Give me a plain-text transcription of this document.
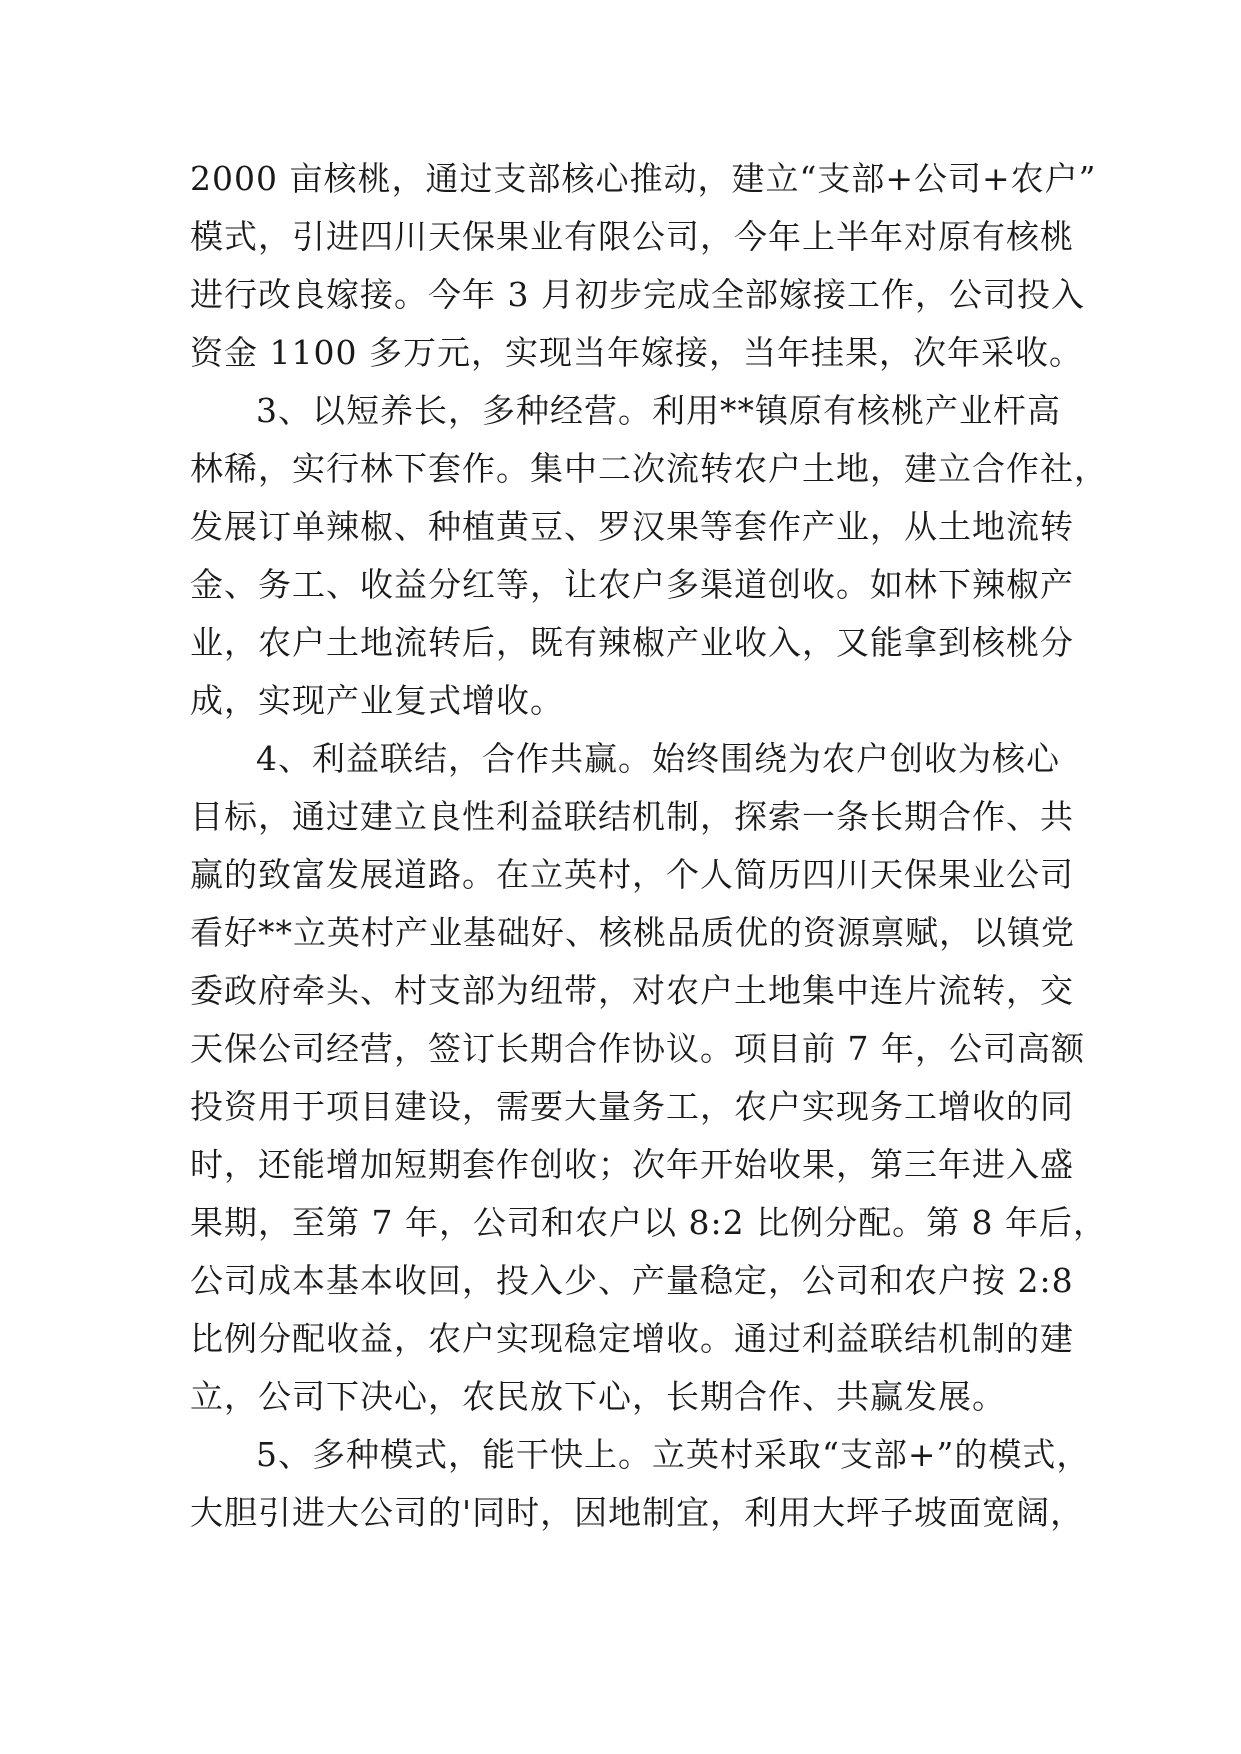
2000 亩核桃，通过支部核心推动，建立“支部+公司+农户”
模式，引进四川天保果业有限公司，今年上半年对原有核桃
进行改良嫁接。今年 3 月初步完成全部嫁接工作，公司投入
资金 1100 多万元，实现当年嫁接，当年挂果，次年采收。
3、以短养长，多种经营。利用**镇原有核桃产业杆高
林稀，实行林下套作。集中二次流转农户土地，建立合作社，
发展订单辣椒、种植黄豆、罗汉果等套作产业，从土地流转
金、务工、收益分红等，让农户多渠道创收。如林下辣椒产
业，农户土地流转后，既有辣椒产业收入，又能拿到核桃分
成，实现产业复式增收。
4、利益联结，合作共赢。始终围绕为农户创收为核心
目标，通过建立良性利益联结机制，探索一条长期合作、共
赢的致富发展道路。在立英村，个人简历四川天保果业公司
看好**立英村产业基础好、核桃品质优的资源禀赋，以镇党
委政府牵头、村支部为纽带，对农户土地集中连片流转，交
天保公司经营，签订长期合作协议。项目前 7 年，公司高额
投资用于项目建设，需要大量务工，农户实现务工增收的同
时，还能增加短期套作创收；次年开始收果，第三年进入盛
果期，至第 7 年，公司和农户以 8:2 比例分配。第 8 年后，
公司成本基本收回，投入少、产量稳定，公司和农户按 2:8
比例分配收益，农户实现稳定增收。通过利益联结机制的建
立，公司下决心，农民放下心，长期合作、共赢发展。
5、多种模式，能干快上。立英村采取“支部+”的模式，
大胆引进大公司的'同时，因地制宜，利用大坪子坡面宽阔，
